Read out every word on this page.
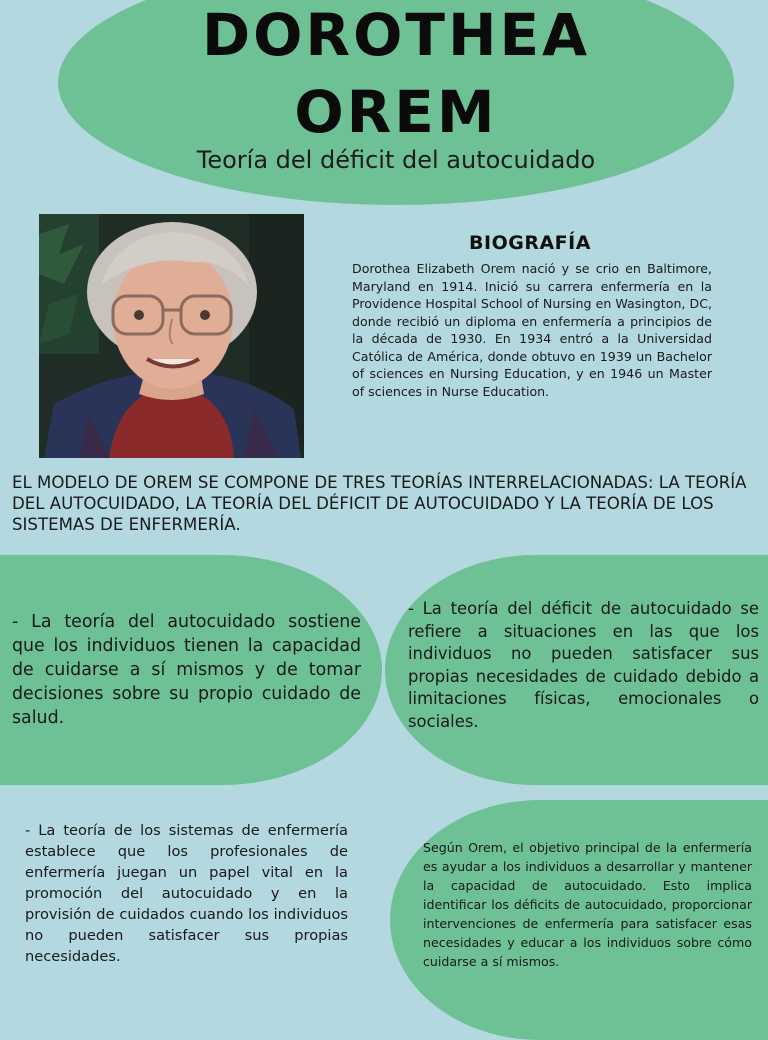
DOROTHEA
OREM
Teoría del déficit del autocuidado
BIOGRAFÍA
Dorothea Elizabeth Orem nació y se crio en Baltimore, Maryland en 1914. Inició su carrera enfermería en la Providence Hospital School of Nursing en Wasington, DC, donde recibió un diploma en enfermería a principios de la década de 1930. En 1934 entró a la Universidad Católica de América, donde obtuvo en 1939 un Bachelor of sciences en Nursing Education, y en 1946 un Master of sciences in Nurse Education.
EL MODELO DE OREM SE COMPONE DE TRES TEORÍAS INTERRELACIONADAS: LA TEORÍA DEL AUTOCUIDADO, LA TEORÍA DEL DÉFICIT DE AUTOCUIDADO Y LA TEORÍA DE LOS SISTEMAS DE ENFERMERÍA.
- La teoría del autocuidado sostiene que los individuos tienen la capacidad de cuidarse a sí mismos y de tomar decisiones sobre su propio cuidado de salud.
- La teoría del déficit de autocuidado se refiere a situaciones en las que los individuos no pueden satisfacer sus propias necesidades de cuidado debido a limitaciones físicas, emocionales o sociales.
- La teoría de los sistemas de enfermería establece que los profesionales de enfermería juegan un papel vital en la promoción del autocuidado y en la provisión de cuidados cuando los individuos no pueden satisfacer sus propias necesidades.
Según Orem, el objetivo principal de la enfermería es ayudar a los individuos a desarrollar y mantener la capacidad de autocuidado. Esto implica identificar los déficits de autocuidado, proporcionar intervenciones de enfermería para satisfacer esas necesidades y educar a los individuos sobre cómo cuidarse a sí mismos.
